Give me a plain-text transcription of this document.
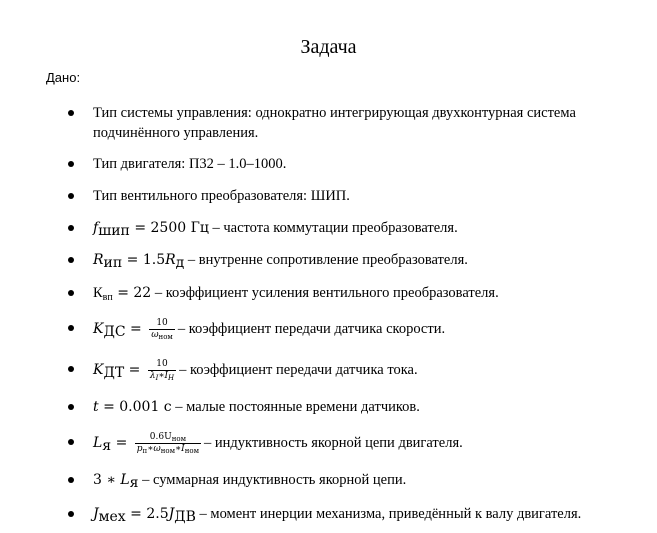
Задача
Дано:
Тип системы управления: однократно интегрирующая двухконтурная система
подчинённого управления.
Тип двигателя: П32 – 1.0–1000.
Тип вентильного преобразователя: ШИП.
$f_{шип} = 2500$ Гц – частота коммутации преобразователя.
$R_{ип} = 1.5R_д$ – внутренне сопротивление преобразователя.
$К_{вп} = 22$ – коэффициент усиления вентильного преобразователя.
$K_{ДС} = \frac{10}{\omega_{ном}}$ – коэффициент передачи датчика скорости.
$K_{ДТ} = \frac{10}{\lambda_I∗I_H}$ – коэффициент передачи датчика тока.
t = 0.001 с – малые постоянные времени датчиков.
$L_я = \frac{0.6U_{ном}}{p_п∗\omega_{ном}∗I_{ном}}$ – индуктивность якорной цепи двигателя.
3 ∗ $L_я$ – суммарная индуктивность якорной цепи.
$J_{мех} = 2.5J_{ДВ}$ – момент инерции механизма, приведённый к валу двигателя.
